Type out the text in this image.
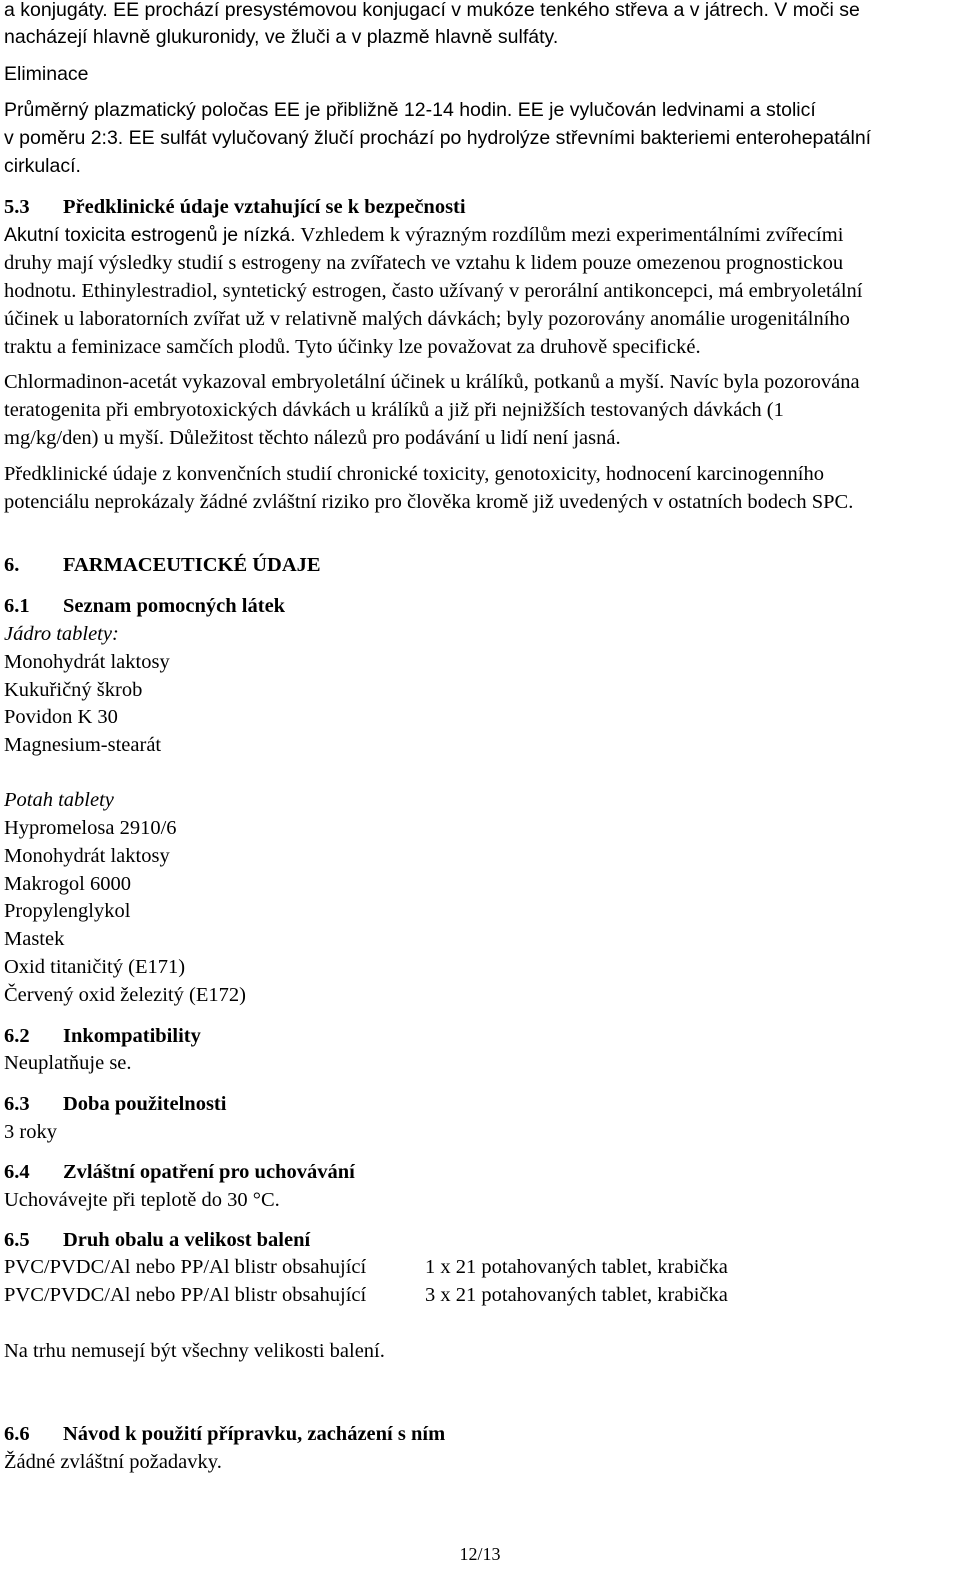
a konjugáty. EE prochází presystémovou konjugací v mukóze tenkého střeva a v játrech. V moči se
nacházejí hlavně glukuronidy, ve žluči a v plazmě hlavně sulfáty.
Eliminace
Průměrný plazmatický poločas EE je přibližně 12-14 hodin. EE je vylučován ledvinami a stolicí
v poměru 2:3. EE sulfát vylučovaný žlučí prochází po hydrolýze střevními bakteriemi enterohepatální
cirkulací.
5.3 Předklinické údaje vztahující se k bezpečnosti
Akutní toxicita estrogenů je nízká. Vzhledem k výrazným rozdílům mezi experimentálními zvířecími
druhy mají výsledky studií s estrogeny na zvířatech ve vztahu k lidem pouze omezenou prognostickou
hodnotu. Ethinylestradiol, syntetický estrogen, často užívaný v perorální antikoncepci, má embryoletální
účinek u laboratorních zvířat už v relativně malých dávkách; byly pozorovány anomálie urogenitálního
traktu a feminizace samčích plodů. Tyto účinky lze považovat za druhově specifické.
Chlormadinon-acetát vykazoval embryoletální účinek u králíků, potkanů a myší. Navíc byla pozorována
teratogenita při embryotoxických dávkách u králíků a již při nejnižších testovaných dávkách (1
mg/kg/den) u myší. Důležitost těchto nálezů pro podávání u lidí není jasná.
Předklinické údaje z konvenčních studií chronické toxicity, genotoxicity, hodnocení karcinogenního
potenciálu neprokázaly žádné zvláštní riziko pro člověka kromě již uvedených v ostatních bodech SPC.
6. FARMACEUTICKÉ ÚDAJE
6.1 Seznam pomocných látek
Jádro tablety:
Monohydrát laktosy
Kukuřičný škrob
Povidon K 30
Magnesium-stearát
Potah tablety
Hypromelosa 2910/6
Monohydrát laktosy
Makrogol 6000
Propylenglykol
Mastek
Oxid titaničitý (E171)
Červený oxid železitý (E172)
6.2 Inkompatibility
Neuplatňuje se.
6.3 Doba použitelnosti
3 roky
6.4 Zvláštní opatření pro uchovávání
Uchovávejte při teplotě do 30 °C.
6.5 Druh obalu a velikost balení
PVC/PVDC/Al nebo PP/Al blistr obsahující	1 x 21 potahovaných tablet, krabička
PVC/PVDC/Al nebo PP/Al blistr obsahující	3 x 21 potahovaných tablet, krabička
Na trhu nemusejí být všechny velikosti balení.
6.6 Návod k použití přípravku, zacházení s ním
Žádné zvláštní požadavky.
12/13
